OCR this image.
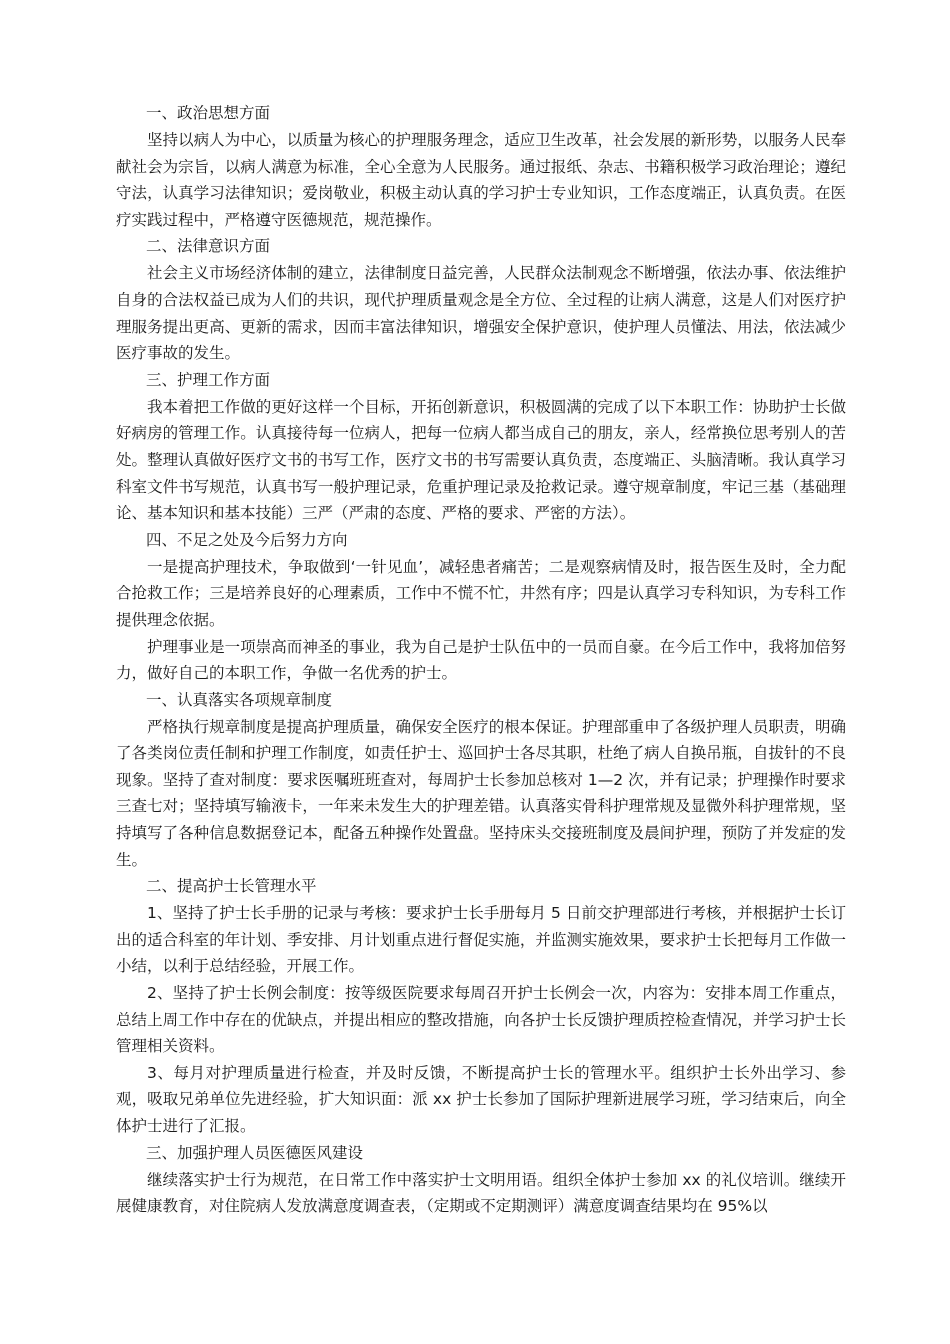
一、政治思想方面

坚持以病人为中心，以质量为核心的护理服务理念，适应卫生改革，社会发展的新形势，以服务人民奉献社会为宗旨，以病人满意为标准，全心全意为人民服务。通过报纸、杂志、书籍积极学习政治理论；遵纪守法，认真学习法律知识；爱岗敬业，积极主动认真的学习护士专业知识，工作态度端正，认真负责。在医疗实践过程中，严格遵守医德规范，规范操作。

二、法律意识方面

社会主义市场经济体制的建立，法律制度日益完善，人民群众法制观念不断增强，依法办事、依法维护自身的合法权益已成为人们的共识，现代护理质量观念是全方位、全过程的让病人满意，这是人们对医疗护理服务提出更高、更新的需求，因而丰富法律知识，增强安全保护意识，使护理人员懂法、用法，依法减少医疗事故的发生。

三、护理工作方面

我本着把工作做的更好这样一个目标，开拓创新意识，积极圆满的完成了以下本职工作：协助护士长做好病房的管理工作。认真接待每一位病人，把每一位病人都当成自己的朋友，亲人，经常换位思考别人的苦处。整理认真做好医疗文书的书写工作，医疗文书的书写需要认真负责，态度端正、头脑清晰。我认真学习科室文件书写规范，认真书写一般护理记录，危重护理记录及抢救记录。遵守规章制度，牢记三基（基础理论、基本知识和基本技能）三严（严肃的态度、严格的要求、严密的方法）。

四、不足之处及今后努力方向

一是提高护理技术，争取做到‘一针见血’，减轻患者痛苦；二是观察病情及时，报告医生及时，全力配合抢救工作；三是培养良好的心理素质，工作中不慌不忙，井然有序；四是认真学习专科知识，为专科工作提供理念依据。

护理事业是一项崇高而神圣的事业，我为自己是护士队伍中的一员而自豪。在今后工作中，我将加倍努力，做好自己的本职工作，争做一名优秀的护士。

一、认真落实各项规章制度

严格执行规章制度是提高护理质量，确保安全医疗的根本保证。护理部重申了各级护理人员职责，明确了各类岗位责任制和护理工作制度，如责任护士、巡回护士各尽其职，杜绝了病人自换吊瓶，自拔针的不良现象。坚持了查对制度：要求医嘱班班查对，每周护士长参加总核对 1—2 次，并有记录；护理操作时要求三查七对；坚持填写输液卡，一年来未发生大的护理差错。认真落实骨科护理常规及显微外科护理常规，坚持填写了各种信息数据登记本，配备五种操作处置盘。坚持床头交接班制度及晨间护理，预防了并发症的发生。

二、提高护士长管理水平

1、坚持了护士长手册的记录与考核：要求护士长手册每月 5 日前交护理部进行考核，并根据护士长订出的适合科室的年计划、季安排、月计划重点进行督促实施，并监测实施效果，要求护士长把每月工作做一小结，以利于总结经验，开展工作。

2、坚持了护士长例会制度：按等级医院要求每周召开护士长例会一次，内容为：安排本周工作重点，总结上周工作中存在的优缺点，并提出相应的整改措施，向各护士长反馈护理质控检查情况，并学习护士长管理相关资料。

3、每月对护理质量进行检查，并及时反馈，不断提高护士长的管理水平。组织护士长外出学习、参观，吸取兄弟单位先进经验，扩大知识面：派 xx 护士长参加了国际护理新进展学习班，学习结束后，向全体护士进行了汇报。

三、加强护理人员医德医风建设

继续落实护士行为规范，在日常工作中落实护士文明用语。组织全体护士参加 xx 的礼仪培训。继续开展健康教育，对住院病人发放满意度调查表，（定期或不定期测评）满意度调查结果均在 95%以
